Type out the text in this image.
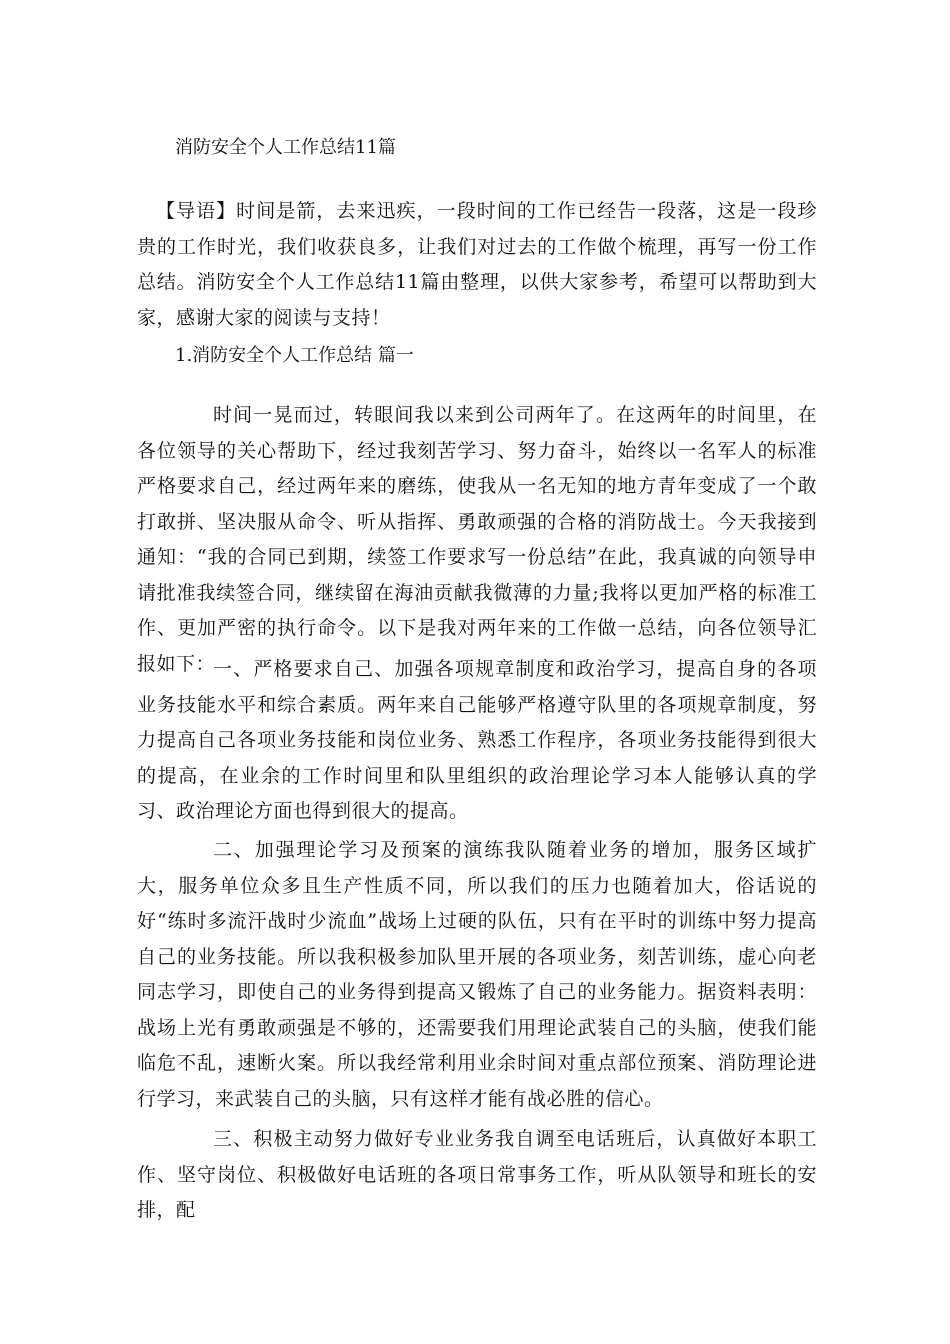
消防安全个人工作总结11篇

【导语】时间是箭，去来迅疾，一段时间的工作已经告一段落，这是一段珍贵的工作时光，我们收获良多，让我们对过去的工作做个梳理，再写一份工作总结。消防安全个人工作总结11篇由整理，以供大家参考，希望可以帮助到大家，感谢大家的阅读与支持！

1.消防安全个人工作总结 篇一

时间一晃而过，转眼间我以来到公司两年了。在这两年的时间里，在各位领导的关心帮助下，经过我刻苦学习、努力奋斗，始终以一名军人的标准严格要求自己，经过两年来的磨练，使我从一名无知的地方青年变成了一个敢打敢拼、坚决服从命令、听从指挥、勇敢顽强的合格的消防战士。今天我接到通知：“我的合同已到期，续签工作要求写一份总结”在此，我真诚的向领导申请批准我续签合同，继续留在海油贡献我微薄的力量;我将以更加严格的标准工作、更加严密的执行命令。以下是我对两年来的工作做一总结，向各位领导汇报如下：

一、严格要求自己、加强各项规章制度和政治学习，提高自身的各项业务技能水平和综合素质。两年来自己能够严格遵守队里的各项规章制度，努力提高自己各项业务技能和岗位业务、熟悉工作程序，各项业务技能得到很大的提高，在业余的工作时间里和队里组织的政治理论学习本人能够认真的学习、政治理论方面也得到很大的提高。

二、加强理论学习及预案的演练我队随着业务的增加，服务区域扩大，服务单位众多且生产性质不同，所以我们的压力也随着加大，俗话说的好“练时多流汗战时少流血”战场上过硬的队伍，只有在平时的训练中努力提高自己的业务技能。所以我积极参加队里开展的各项业务，刻苦训练，虚心向老同志学习，即使自己的业务得到提高又锻炼了自己的业务能力。据资料表明：战场上光有勇敢顽强是不够的，还需要我们用理论武装自己的头脑，使我们能临危不乱，速断火案。所以我经常利用业余时间对重点部位预案、消防理论进行学习，来武装自己的头脑，只有这样才能有战必胜的信心。

三、积极主动努力做好专业业务我自调至电话班后，认真做好本职工作、坚守岗位、积极做好电话班的各项日常事务工作，听从队领导和班长的安排，配
